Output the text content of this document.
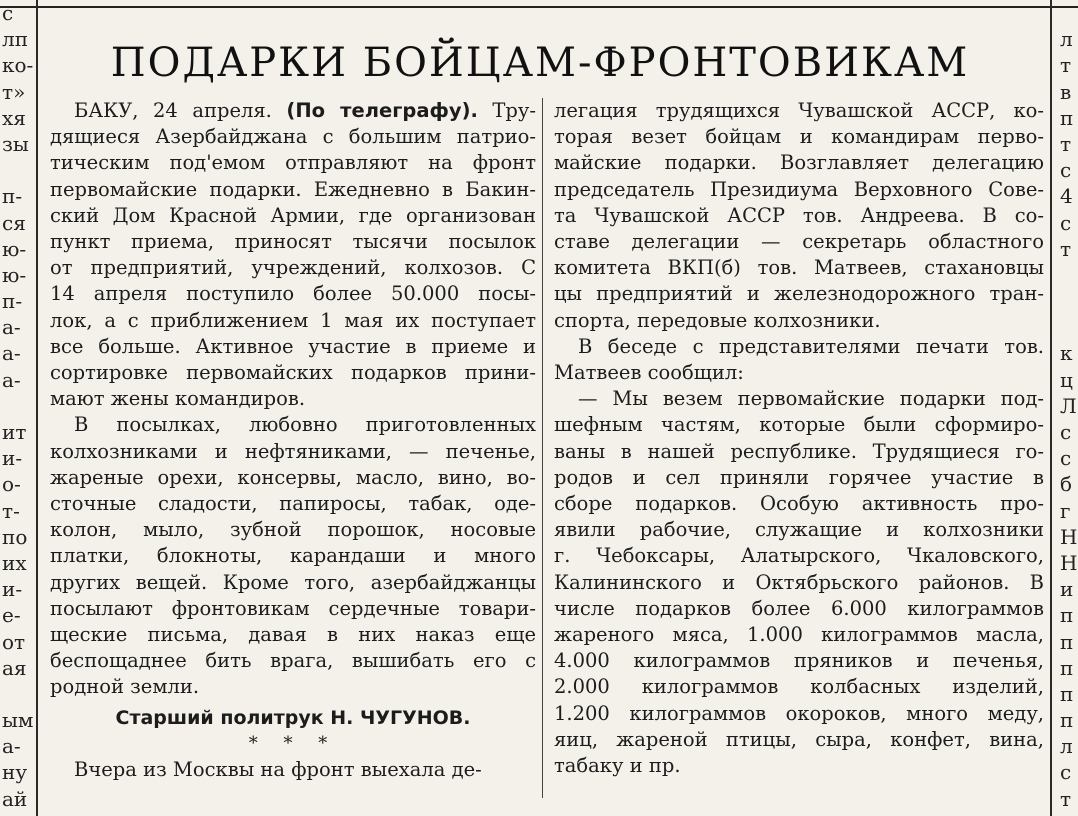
с
лп
ко-
т»
хя
зы
п-
ся
ю-
ю-
п-
а-
а-
а-
ит
и-
о-
т-
по
их
и-
е-
от
ая
ым
а-
ну
ай
л
т
в
п
т
с
4
с
т
к
ц
Л
с
с
б
г
Н
Н
и
п
п
п
п
п
л
с
т
ПОДАРКИ БОЙЦАМ-ФРОНТОВИКАМ
БАКУ, 24 апреля. (По телеграфу). Тру-
дящиеся Азербайджана с большим патрио-
тическим под'емом отправляют на фронт
первомайские подарки. Ежедневно в Бакин-
ский Дом Красной Армии, где организован
пункт приема, приносят тысячи посылок
от предприятий, учреждений, колхозов. С
14 апреля поступило более 50.000 посы-
лок, а с приближением 1 мая их поступает
все больше. Активное участие в приеме и
сортировке первомайских подарков прини-
мают жены командиров.
В посылках, любовно приготовленных
колхозниками и нефтяниками, — печенье,
жареные орехи, консервы, масло, вино, во-
сточные сладости, папиросы, табак, оде-
колон, мыло, зубной порошок, носовые
платки, блокноты, карандаши и много
других вещей. Кроме того, азербайджанцы
посылают фронтовикам сердечные товари-
щеские письма, давая в них наказ еще
беспощаднее бить врага, вышибать его с
родной земли.
Старший политрук Н. ЧУГУНОВ.
* * *
Вчера из Москвы на фронт выехала де-
легация трудящихся Чувашской АССР, ко-
торая везет бойцам и командирам перво-
майские подарки. Возглавляет делегацию
председатель Президиума Верховного Сове-
та Чувашской АССР тов. Андреева. В со-
ставе делегации — секретарь областного
комитета ВКП(б) тов. Матвеев, стахановцы
цы предприятий и железнодорожного тран-
спорта, передовые колхозники.
В беседе с представителями печати тов.
Матвеев сообщил:
— Мы везем первомайские подарки под-
шефным частям, которые были сформиро-
ваны в нашей республике. Трудящиеся го-
родов и сел приняли горячее участие в
сборе подарков. Особую активность про-
явили рабочие, служащие и колхозники
г. Чебоксары, Алатырского, Чкаловского,
Калининского и Октябрьского районов. В
числе подарков более 6.000 килограммов
жареного мяса, 1.000 килограммов масла,
4.000 килограммов пряников и печенья,
2.000 килограммов колбасных изделий,
1.200 килограммов окороков, много меду,
яиц, жареной птицы, сыра, конфет, вина,
табаку и пр.
